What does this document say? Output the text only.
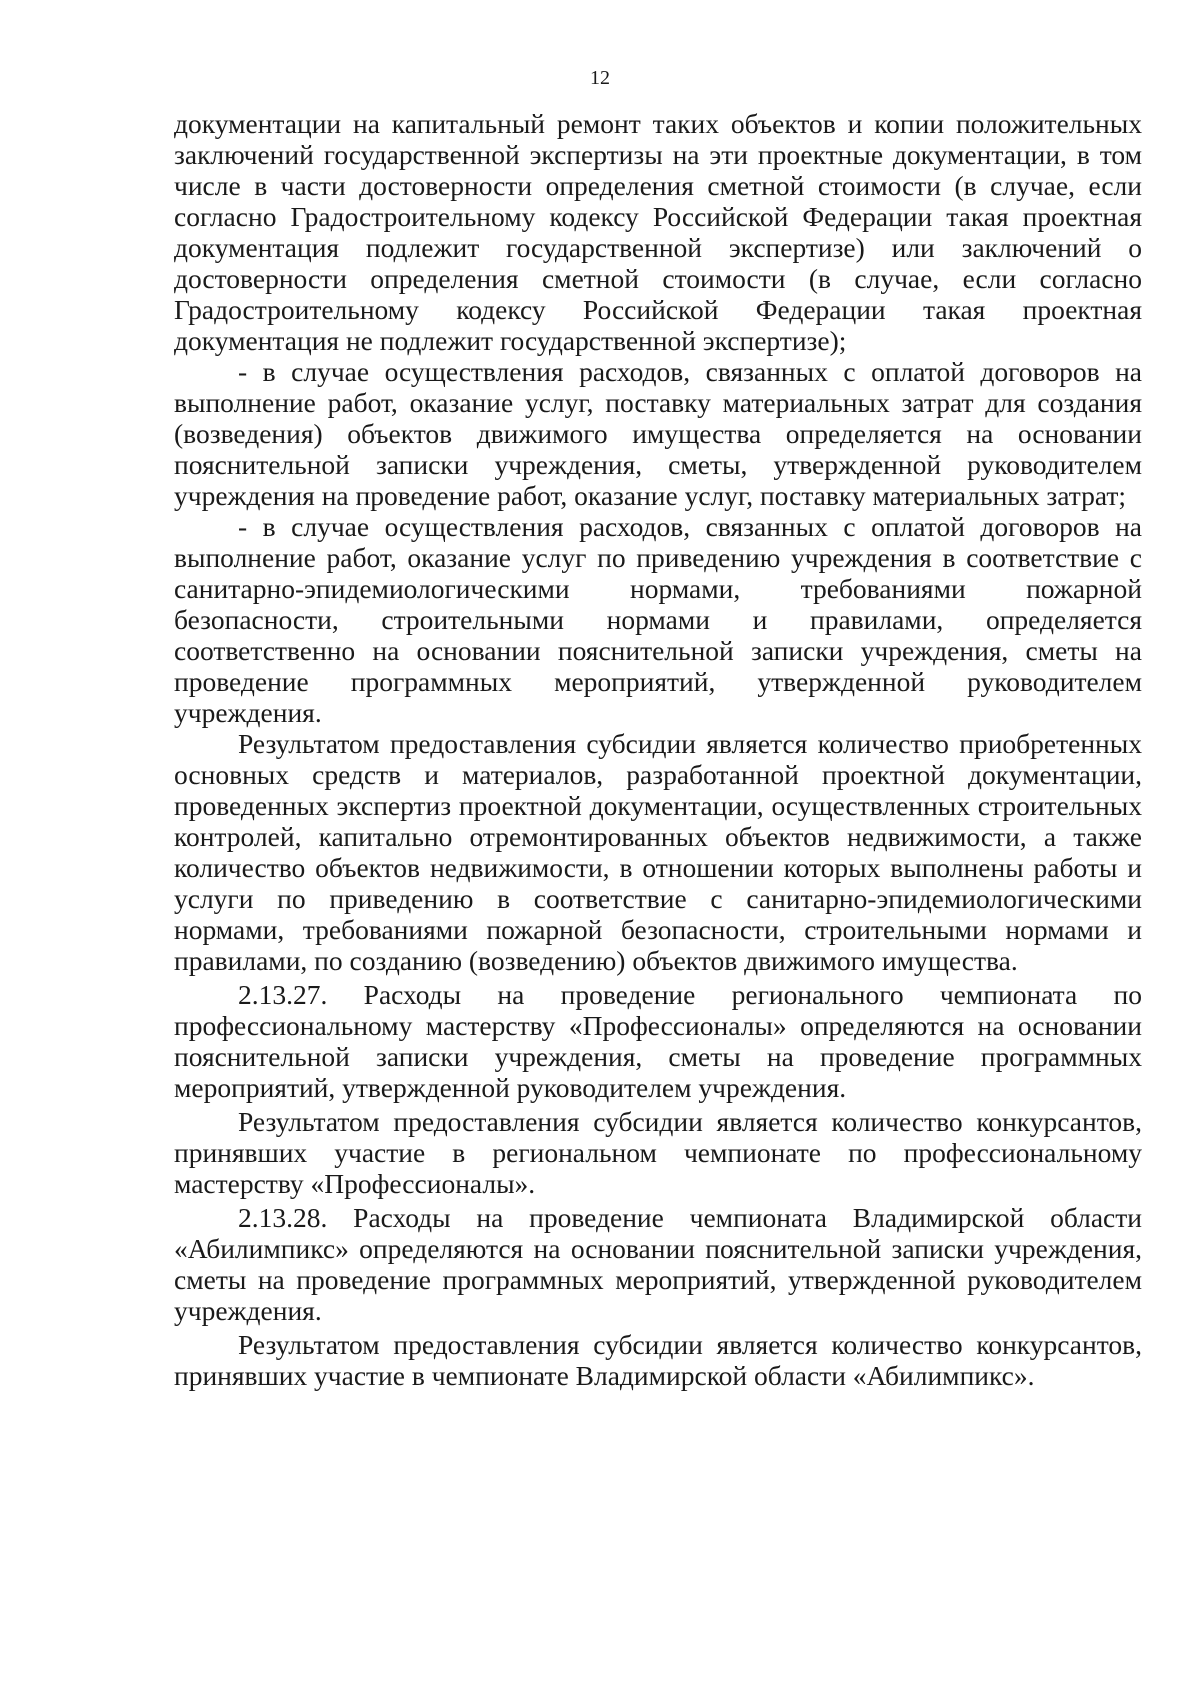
12

документации на капитальный ремонт таких объектов и копии положительных заключений государственной экспертизы на эти проектные документации, в том числе в части достоверности определения сметной стоимости (в случае, если согласно Градостроительному кодексу Российской Федерации такая проектная документация подлежит государственной экспертизе) или заключений о достоверности определения сметной стоимости (в случае, если согласно Градостроительному кодексу Российской Федерации такая проектная документация не подлежит государственной экспертизе);

- в случае осуществления расходов, связанных с оплатой договоров на выполнение работ, оказание услуг, поставку материальных затрат для создания (возведения) объектов движимого имущества определяется на основании пояснительной записки учреждения, сметы, утвержденной руководителем учреждения на проведение работ, оказание услуг, поставку материальных затрат;

- в случае осуществления расходов, связанных с оплатой договоров на выполнение работ, оказание услуг по приведению учреждения в соответствие с санитарно-эпидемиологическими нормами, требованиями пожарной безопасности, строительными нормами и правилами, определяется соответственно на основании пояснительной записки учреждения, сметы на проведение программных мероприятий, утвержденной руководителем учреждения.

Результатом предоставления субсидии является количество приобретенных основных средств и материалов, разработанной проектной документации, проведенных экспертиз проектной документации, осуществленных строительных контролей, капитально отремонтированных объектов недвижимости, а также количество объектов недвижимости, в отношении которых выполнены работы и услуги по приведению в соответствие с санитарно-эпидемиологическими нормами, требованиями пожарной безопасности, строительными нормами и правилами, по созданию (возведению) объектов движимого имущества.

2.13.27. Расходы на проведение регионального чемпионата по профессиональному мастерству «Профессионалы» определяются на основании пояснительной записки учреждения, сметы на проведение программных мероприятий, утвержденной руководителем учреждения.

Результатом предоставления субсидии является количество конкурсантов, принявших участие в региональном чемпионате по профессиональному мастерству «Профессионалы».

2.13.28. Расходы на проведение чемпионата Владимирской области «Абилимпикс» определяются на основании пояснительной записки учреждения, сметы на проведение программных мероприятий, утвержденной руководителем учреждения.

Результатом предоставления субсидии является количество конкурсантов, принявших участие в чемпионате Владимирской области «Абилимпикс».
